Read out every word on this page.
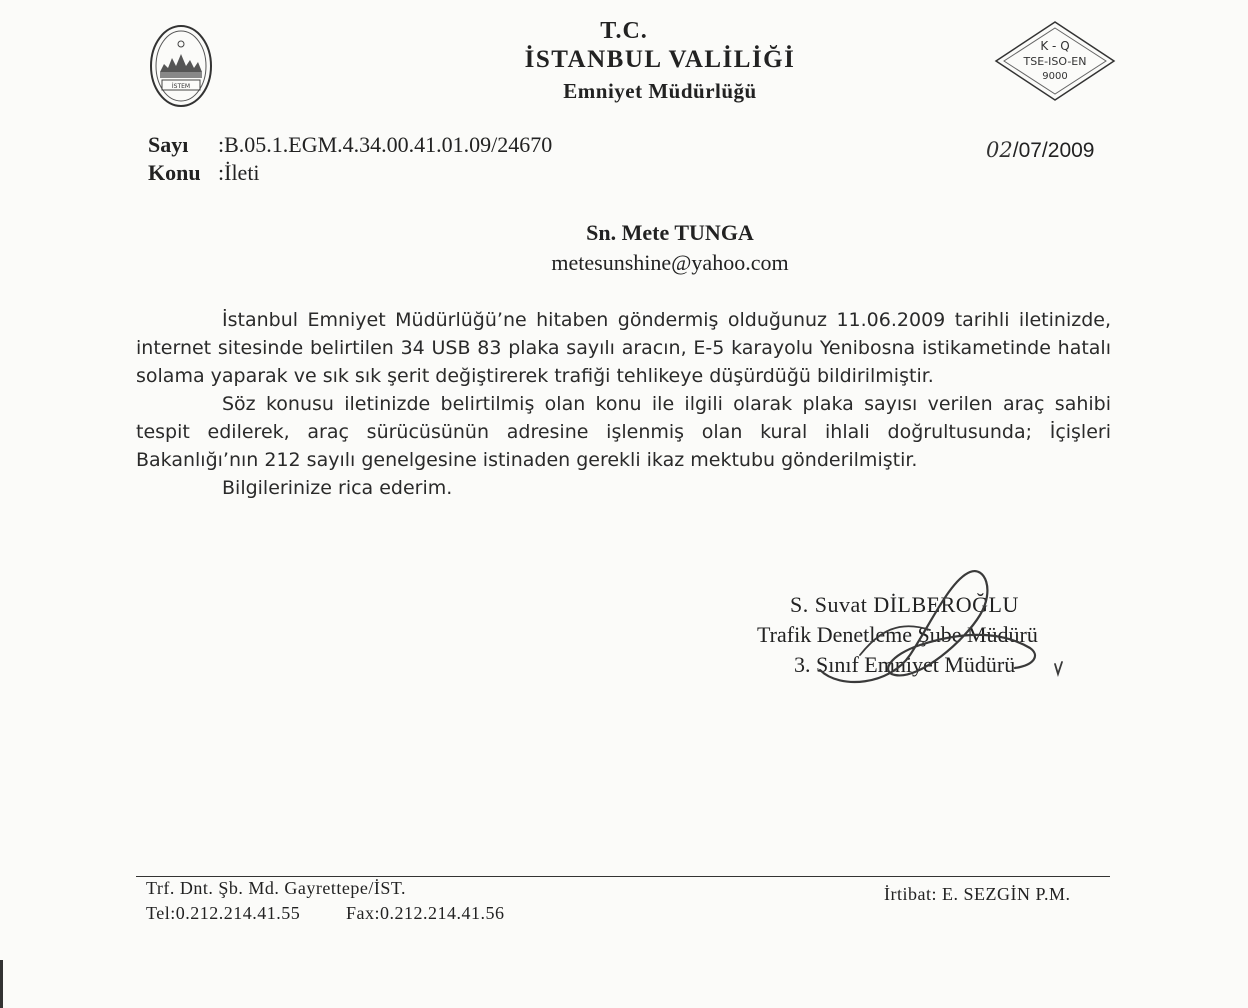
İSTEM
T.C.
İSTANBUL VALİLİĞİ
Emniyet Müdürlüğü
K - Q
TSE-ISO-EN
9000
Sayı :B.05.1.EGM.4.34.00.41.01.09/24670
Konu :İleti
02/07/2009
Sn. Mete TUNGA
metesunshine@yahoo.com

İstanbul Emniyet Müdürlüğü’ne hitaben göndermiş olduğunuz 11.06.2009 tarihli iletinizde, internet sitesinde belirtilen 34 USB 83 plaka sayılı aracın, E-5 karayolu Yenibosna istikametinde hatalı solama yaparak ve sık sık şerit değiştirerek trafiği tehlikeye düşürdüğü bildirilmiştir.

Söz konusu iletinizde belirtilmiş olan konu ile ilgili olarak plaka sayısı verilen araç sahibi tespit edilerek, araç sürücüsünün adresine işlenmiş olan kural ihlali doğrultusunda; İçişleri Bakanlığı’nın 212 sayılı genelgesine istinaden gerekli ikaz mektubu gönderilmiştir.

Bilgilerinize rica ederim.

S. Suvat DİLBEROĞLU
Trafik Denetleme Şube Müdürü
3. Sınıf Emniyet Müdürü
Trf. Dnt. Şb. Md. Gayrettepe/İST.
Tel:0.212.214.41.55	Fax:0.212.214.41.56
İrtibat: E. SEZGİN P.M.
